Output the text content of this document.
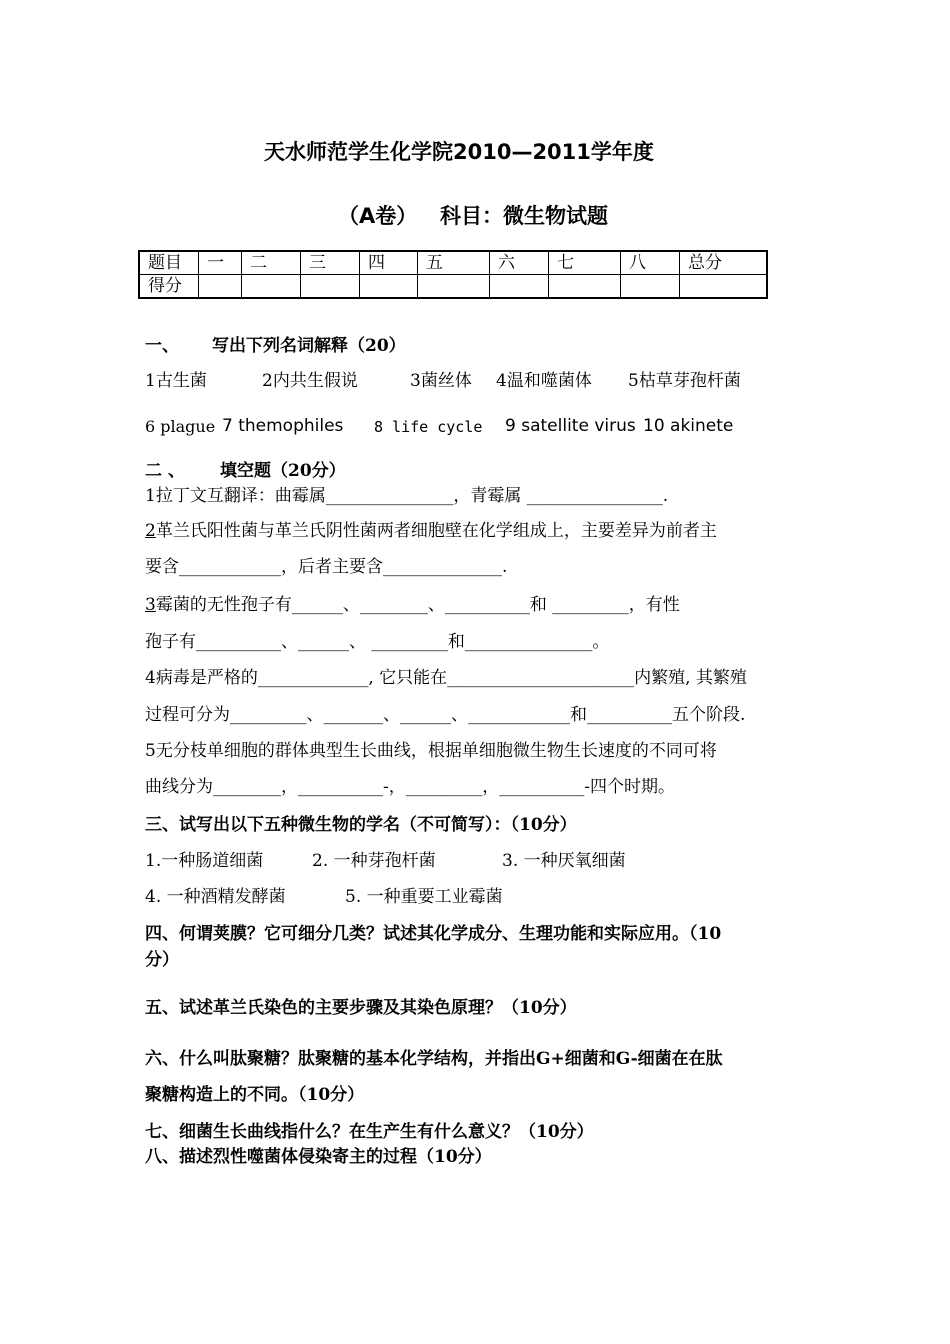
天水师范学生化学院2010—2011学年度
（A卷） 科目：微生物试题
题目	一	二	三	四	五	六	七	八	总分
得分									
一、 写出下列名词解释（20）
1古生菌	2内共生假说	3菌丝体 4温和噬菌体 5枯草芽孢杆菌
6 plague 7 themophiles 8 life cycle 9 satellite virus 10 akinete
二 、 填空题（20分）
1拉丁文互翻译：曲霉属_______________，青霉属 ________________.
2革兰氏阳性菌与革兰氏阴性菌两者细胞壁在化学组成上，主要差异为前者主
要含____________，后者主要含______________.
3霉菌的无性孢子有______、________、__________和 _________，有性
孢子有__________、______、 _________和_______________。
4病毒是严格的_____________, 它只能在______________________内繁殖, 其繁殖
过程可分为_________、_______、______、____________和__________五个阶段.
5无分枝单细胞的群体典型生长曲线，根据单细胞微生物生长速度的不同可将
曲线分为________，__________-，_________，__________-四个时期。
三、试写出以下五种微生物的学名（不可简写）：（10分）
1.一种肠道细菌	2. 一种芽孢杆菌	3. 一种厌氧细菌
4. 一种酒精发酵菌	5. 一种重要工业霉菌
四、何谓荚膜？它可细分几类？试述其化学成分、生理功能和实际应用。（10
分）
五、试述革兰氏染色的主要步骤及其染色原理？（10分）
六、什么叫肽聚糖？肽聚糖的基本化学结构，并指出G+细菌和G-细菌在在肽
聚糖构造上的不同。（10分）
七、细菌生长曲线指什么？在生产生有什么意义？（10分）
八、描述烈性噬菌体侵染寄主的过程（10分）
